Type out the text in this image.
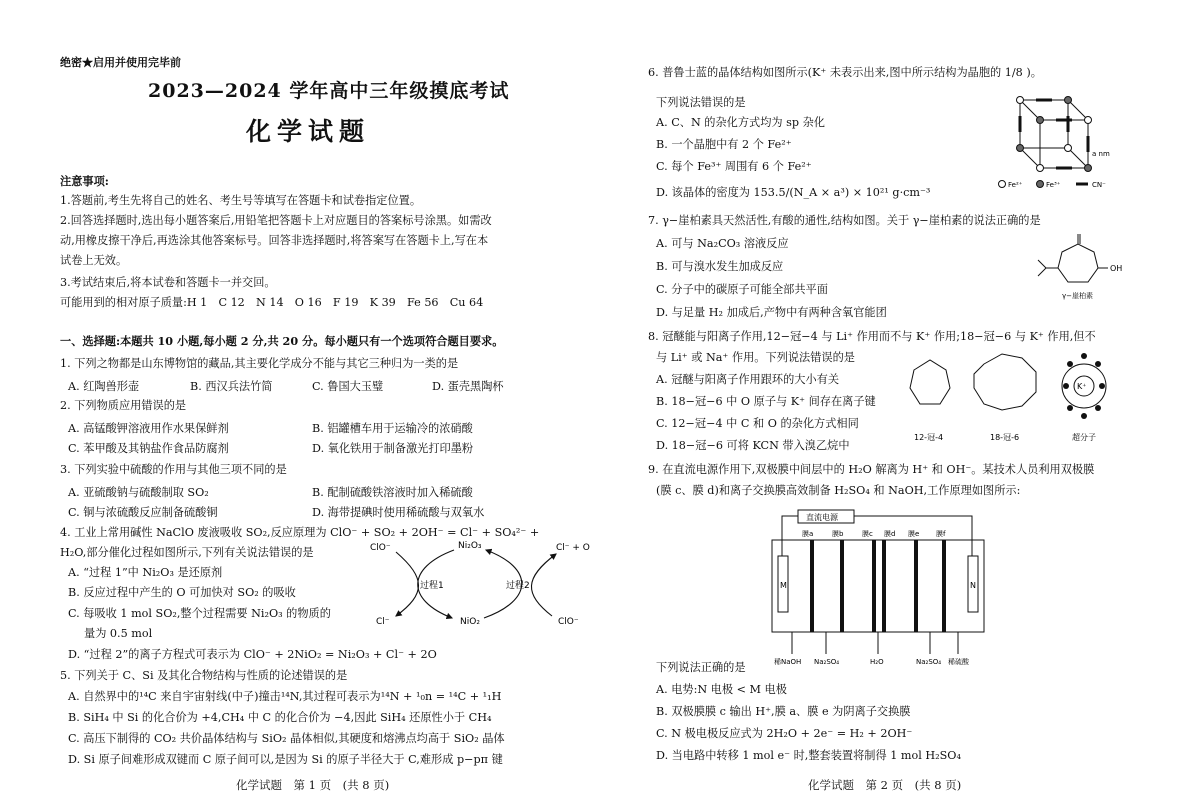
绝密★启用并使用完毕前
2023—2024 学年高中三年级摸底考试
化学试题
注意事项:
1.答题前,考生先将自己的姓名、考生号等填写在答题卡和试卷指定位置。
2.回答选择题时,选出每小题答案后,用铅笔把答题卡上对应题目的答案标号涂黑。如需改
动,用橡皮擦干净后,再选涂其他答案标号。回答非选择题时,将答案写在答题卡上,写在本
试卷上无效。
3.考试结束后,将本试卷和答题卡一并交回。
可能用到的相对原子质量:H 1　C 12　N 14　O 16　F 19　K 39　Fe 56　Cu 64
一、选择题:本题共 10 小题,每小题 2 分,共 20 分。每小题只有一个选项符合题目要求。
1. 下列之物都是山东博物馆的藏品,其主要化学成分不能与其它三种归为一类的是
A. 红陶兽形壶	B. 西汉兵法竹简	C. 鲁国大玉璧	D. 蛋壳黑陶杯
2. 下列物质应用错误的是
A. 高锰酸钾溶液用作水果保鲜剂	B. 铝罐槽车用于运输冷的浓硝酸
C. 苯甲酸及其钠盐作食品防腐剂	D. 氧化铁用于制备激光打印墨粉
3. 下列实验中硫酸的作用与其他三项不同的是
A. 亚硫酸钠与硫酸制取 SO₂	B. 配制硫酸铁溶液时加入稀硫酸
C. 铜与浓硫酸反应制备硫酸铜	D. 海带提碘时使用稀硫酸与双氧水
4. 工业上常用碱性 NaClO 废液吸收 SO₂,反应原理为 ClO⁻ + SO₂ + 2OH⁻ = Cl⁻ + SO₄²⁻ +
H₂O,部分催化过程如图所示,下列有关说法错误的是
A. “过程 1”中 Ni₂O₃ 是还原剂
B. 反应过程中产生的 O 可加快对 SO₂ 的吸收
C. 每吸收 1 mol SO₂,整个过程需要 Ni₂O₃ 的物质的
量为 0.5 mol
D. “过程 2”的离子方程式可表示为 ClO⁻ + 2NiO₂ = Ni₂O₃ + Cl⁻ + 2O
ClO⁻	Ni₂O₃	Cl⁻ + O
过程1	过程2
Cl⁻	NiO₂	ClO⁻
5. 下列关于 C、Si 及其化合物结构与性质的论述错误的是
A. 自然界中的¹⁴C 来自宇宙射线(中子)撞击¹⁴N,其过程可表示为¹⁴N + ¹₀n = ¹⁴C + ¹₁H
B. SiH₄ 中 Si 的化合价为 +4,CH₄ 中 C 的化合价为 −4,因此 SiH₄ 还原性小于 CH₄
C. 高压下制得的 CO₂ 共价晶体结构与 SiO₂ 晶体相似,其硬度和熔沸点均高于 SiO₂ 晶体
D. Si 原子间难形成双键而 C 原子间可以,是因为 Si 的原子半径大于 C,难形成 p−pπ 键
化学试题　第 1 页　(共 8 页)
6. 普鲁士蓝的晶体结构如图所示(K⁺ 未表示出来,图中所示结构为晶胞的 1/8 )。
下列说法错误的是
A. C、N 的杂化方式均为 sp 杂化
B. 一个晶胞中有 2 个 Fe²⁺
C. 每个 Fe³⁺ 周围有 6 个 Fe²⁺
D. 该晶体的密度为 153.5/(N_A × a³) × 10²¹ g·cm⁻³
a nm
Fe²⁺	Fe³⁺	CN⁻
7. γ−崖柏素具天然活性,有酸的通性,结构如图。关于 γ−崖柏素的说法正确的是
A. 可与 Na₂CO₃ 溶液反应
B. 可与溴水发生加成反应
C. 分子中的碳原子可能全部共平面
D. 与足量 H₂ 加成后,产物中有两种含氧官能团
OH
γ−崖柏素
8. 冠醚能与阳离子作用,12−冠−4 与 Li⁺ 作用而不与 K⁺ 作用;18−冠−6 与 K⁺ 作用,但不
与 Li⁺ 或 Na⁺ 作用。下列说法错误的是
A. 冠醚与阳离子作用跟环的大小有关
B. 18−冠−6 中 O 原子与 K⁺ 间存在离子键
C. 12−冠−4 中 C 和 O 的杂化方式相同
D. 18−冠−6 可将 KCN 带入溴乙烷中
K⁺
12-冠-4	18-冠-6	超分子
9. 在直流电源作用下,双极膜中间层中的 H₂O 解离为 H⁺ 和 OH⁻。某技术人员利用双极膜
(膜 c、膜 d)和离子交换膜高效制备 H₂SO₄ 和 NaOH,工作原理如图所示:
直流电源
M	N
膜a	膜b	膜c 膜d 膜e 膜f
稀NaOH Na₂SO₄	H₂O	Na₂SO₄ 稀硫酸
下列说法正确的是
A. 电势:N 电极 < M 电极
B. 双极膜膜 c 输出 H⁺,膜 a、膜 e 为阴离子交换膜
C. N 极电极反应式为 2H₂O + 2e⁻ = H₂ + 2OH⁻
D. 当电路中转移 1 mol e⁻ 时,整套装置将制得 1 mol H₂SO₄
化学试题　第 2 页　(共 8 页)
